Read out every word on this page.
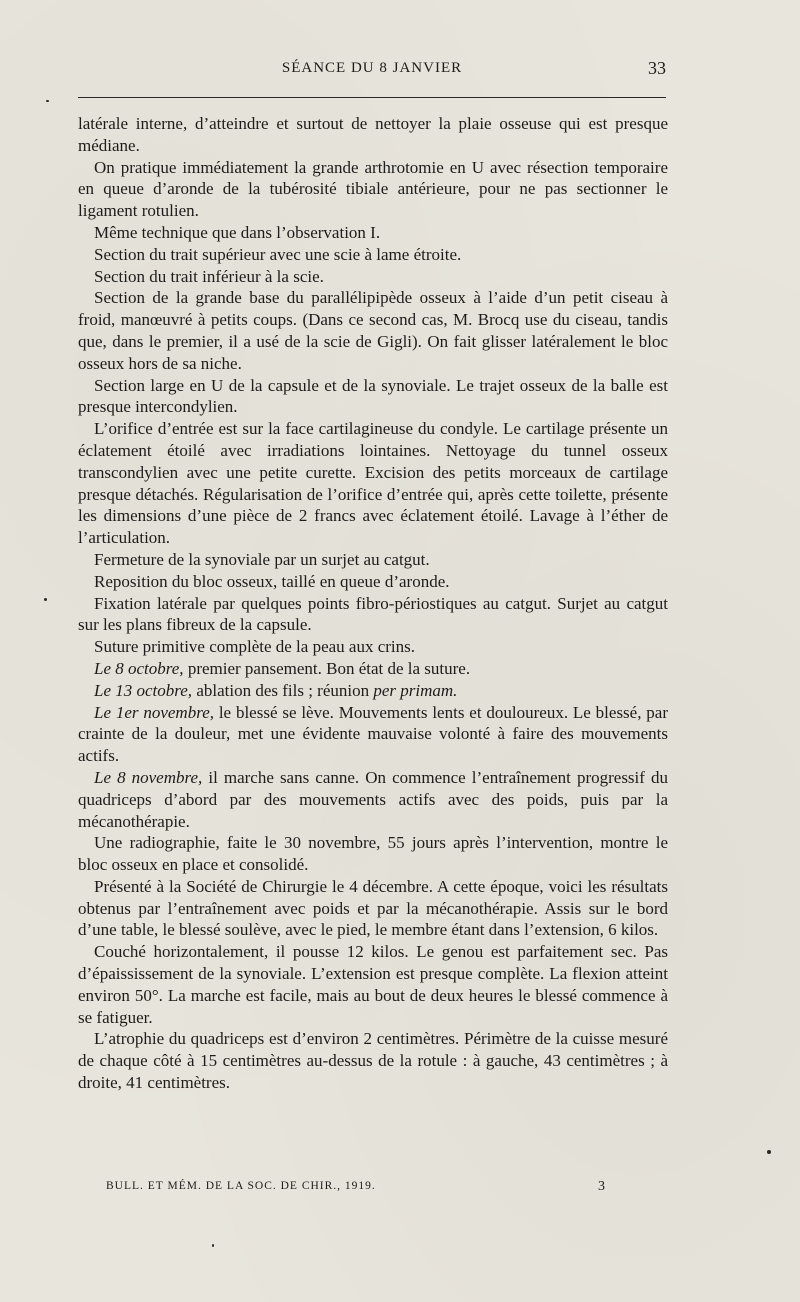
SÉANCE DU 8 JANVIER	33

latérale interne, d’atteindre et surtout de nettoyer la plaie osseuse qui est presque médiane.

On pratique immédiatement la grande arthrotomie en U avec résection temporaire en queue d’aronde de la tubérosité tibiale antérieure, pour ne pas sectionner le ligament rotulien.

Même technique que dans l’observation I.

Section du trait supérieur avec une scie à lame étroite.

Section du trait inférieur à la scie.

Section de la grande base du parallélipipède osseux à l’aide d’un petit ciseau à froid, manœuvré à petits coups. (Dans ce second cas, M. Brocq use du ciseau, tandis que, dans le premier, il a usé de la scie de Gigli). On fait glisser latéralement le bloc osseux hors de sa niche.

Section large en U de la capsule et de la synoviale. Le trajet osseux de la balle est presque intercondylien.

L’orifice d’entrée est sur la face cartilagineuse du condyle. Le cartilage présente un éclatement étoilé avec irradiations lointaines. Nettoyage du tunnel osseux transcondylien avec une petite curette. Excision des petits morceaux de cartilage presque détachés. Régularisation de l’orifice d’entrée qui, après cette toilette, présente les dimensions d’une pièce de 2 francs avec éclatement étoilé. Lavage à l’éther de l’articulation.

Fermeture de la synoviale par un surjet au catgut.

Reposition du bloc osseux, taillé en queue d’aronde.

Fixation latérale par quelques points fibro-périostiques au catgut. Surjet au catgut sur les plans fibreux de la capsule.

Suture primitive complète de la peau aux crins.

Le 8 octobre, premier pansement. Bon état de la suture.

Le 13 octobre, ablation des fils ; réunion per primam.

Le 1er novembre, le blessé se lève. Mouvements lents et douloureux. Le blessé, par crainte de la douleur, met une évidente mauvaise volonté à faire des mouvements actifs.

Le 8 novembre, il marche sans canne. On commence l’entraînement progressif du quadriceps d’abord par des mouvements actifs avec des poids, puis par la mécanothérapie.

Une radiographie, faite le 30 novembre, 55 jours après l’intervention, montre le bloc osseux en place et consolidé.

Présenté à la Société de Chirurgie le 4 décembre. A cette époque, voici les résultats obtenus par l’entraînement avec poids et par la mécanothérapie. Assis sur le bord d’une table, le blessé soulève, avec le pied, le membre étant dans l’extension, 6 kilos.

Couché horizontalement, il pousse 12 kilos. Le genou est parfaitement sec. Pas d’épaississement de la synoviale. L’extension est presque complète. La flexion atteint environ 50°. La marche est facile, mais au bout de deux heures le blessé commence à se fatiguer.

L’atrophie du quadriceps est d’environ 2 centimètres. Périmètre de la cuisse mesuré de chaque côté à 15 centimètres au-dessus de la rotule : à gauche, 43 centimètres ; à droite, 41 centimètres.

BULL. ET MÉM. DE LA SOC. DE CHIR., 1919.	3
